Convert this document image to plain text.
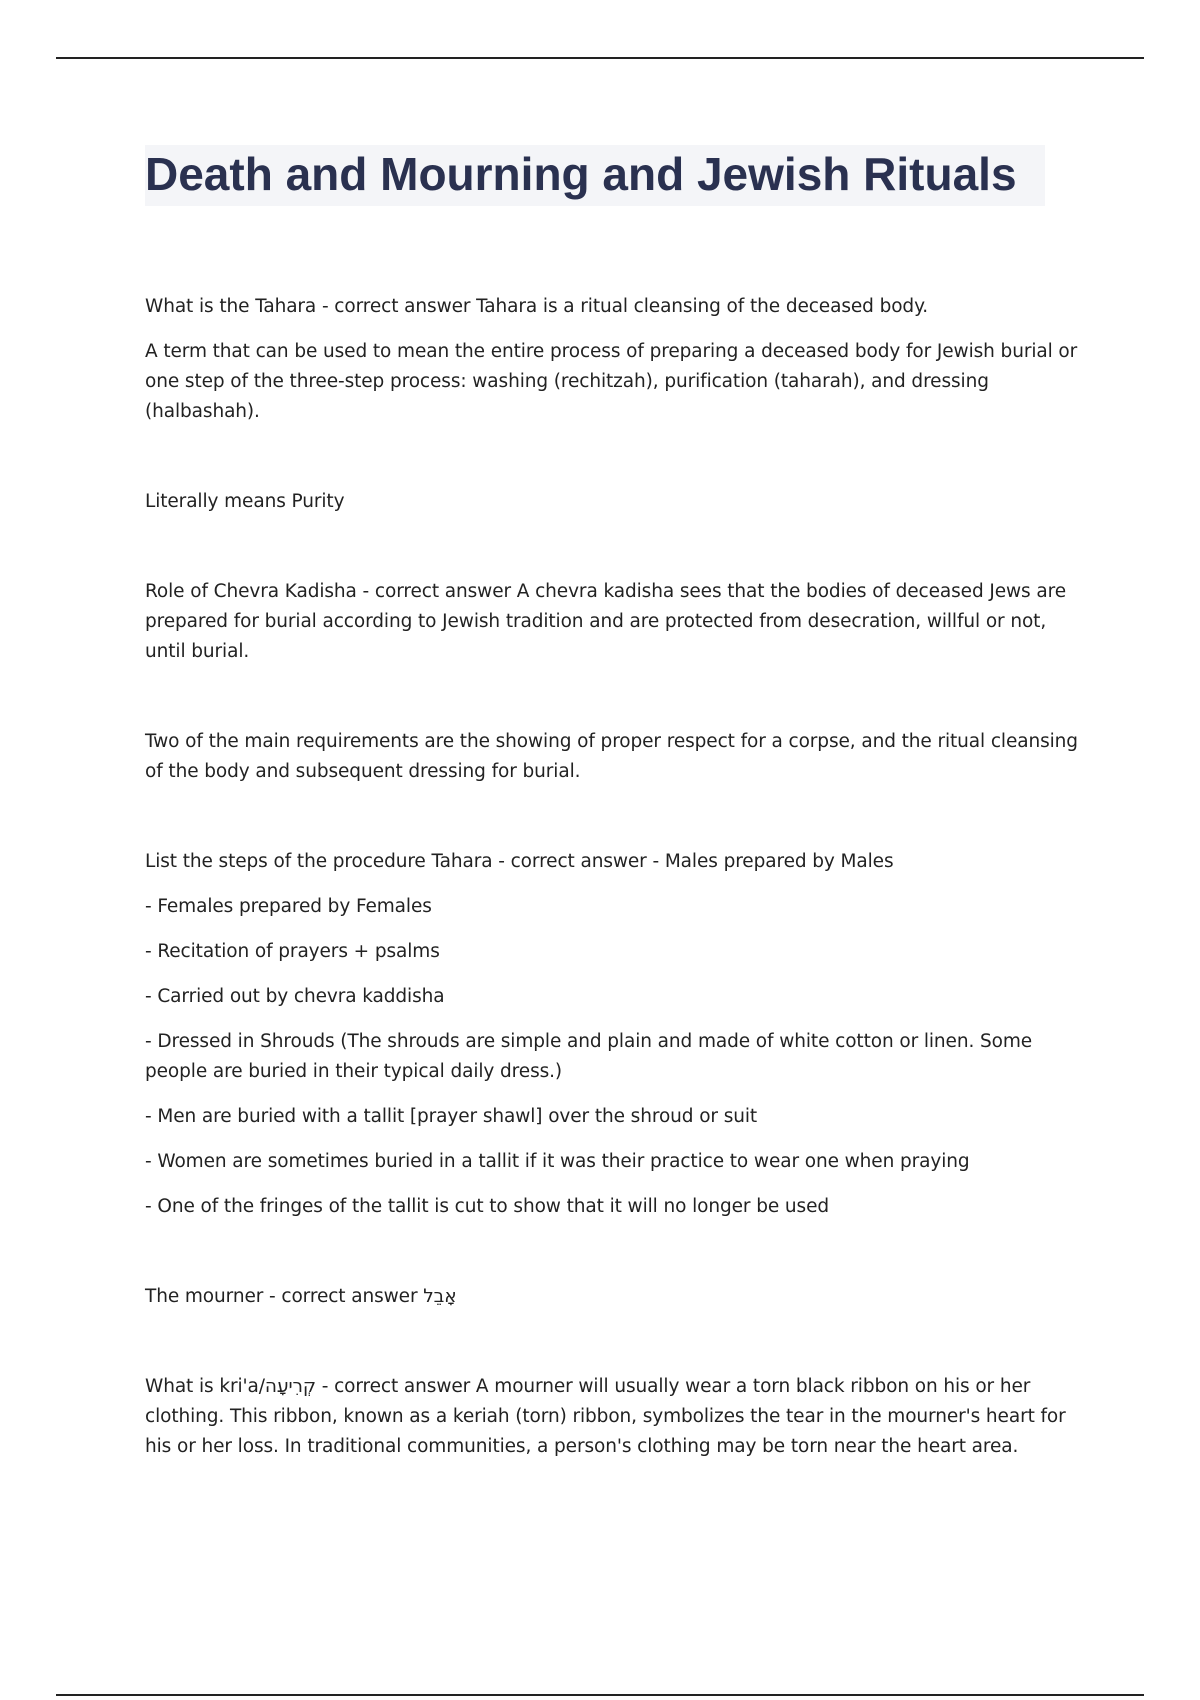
Death and Mourning and Jewish Rituals

What is the Tahara - correct answer Tahara is a ritual cleansing of the deceased body.

A term that can be used to mean the entire process of preparing a deceased body for Jewish burial or one step of the three-step process: washing (rechitzah), purification (taharah), and dressing (halbashah).

Literally means Purity

Role of Chevra Kadisha - correct answer A chevra kadisha sees that the bodies of deceased Jews are prepared for burial according to Jewish tradition and are protected from desecration, willful or not, until burial.

Two of the main requirements are the showing of proper respect for a corpse, and the ritual cleansing of the body and subsequent dressing for burial.

List the steps of the procedure Tahara - correct answer - Males prepared by Males

- Females prepared by Females

- Recitation of prayers + psalms

- Carried out by chevra kaddisha

- Dressed in Shrouds (The shrouds are simple and plain and made of white cotton or linen. Some people are buried in their typical daily dress.)

- Men are buried with a tallit [prayer shawl] over the shroud or suit

- Women are sometimes buried in a tallit if it was their practice to wear one when praying

- One of the fringes of the tallit is cut to show that it will no longer be used

The mourner - correct answer אָבֵל

What is kri'a/קְרִיעָה - correct answer A mourner will usually wear a torn black ribbon on his or her clothing. This ribbon, known as a keriah (torn) ribbon, symbolizes the tear in the mourner's heart for his or her loss. In traditional communities, a person's clothing may be torn near the heart area.
